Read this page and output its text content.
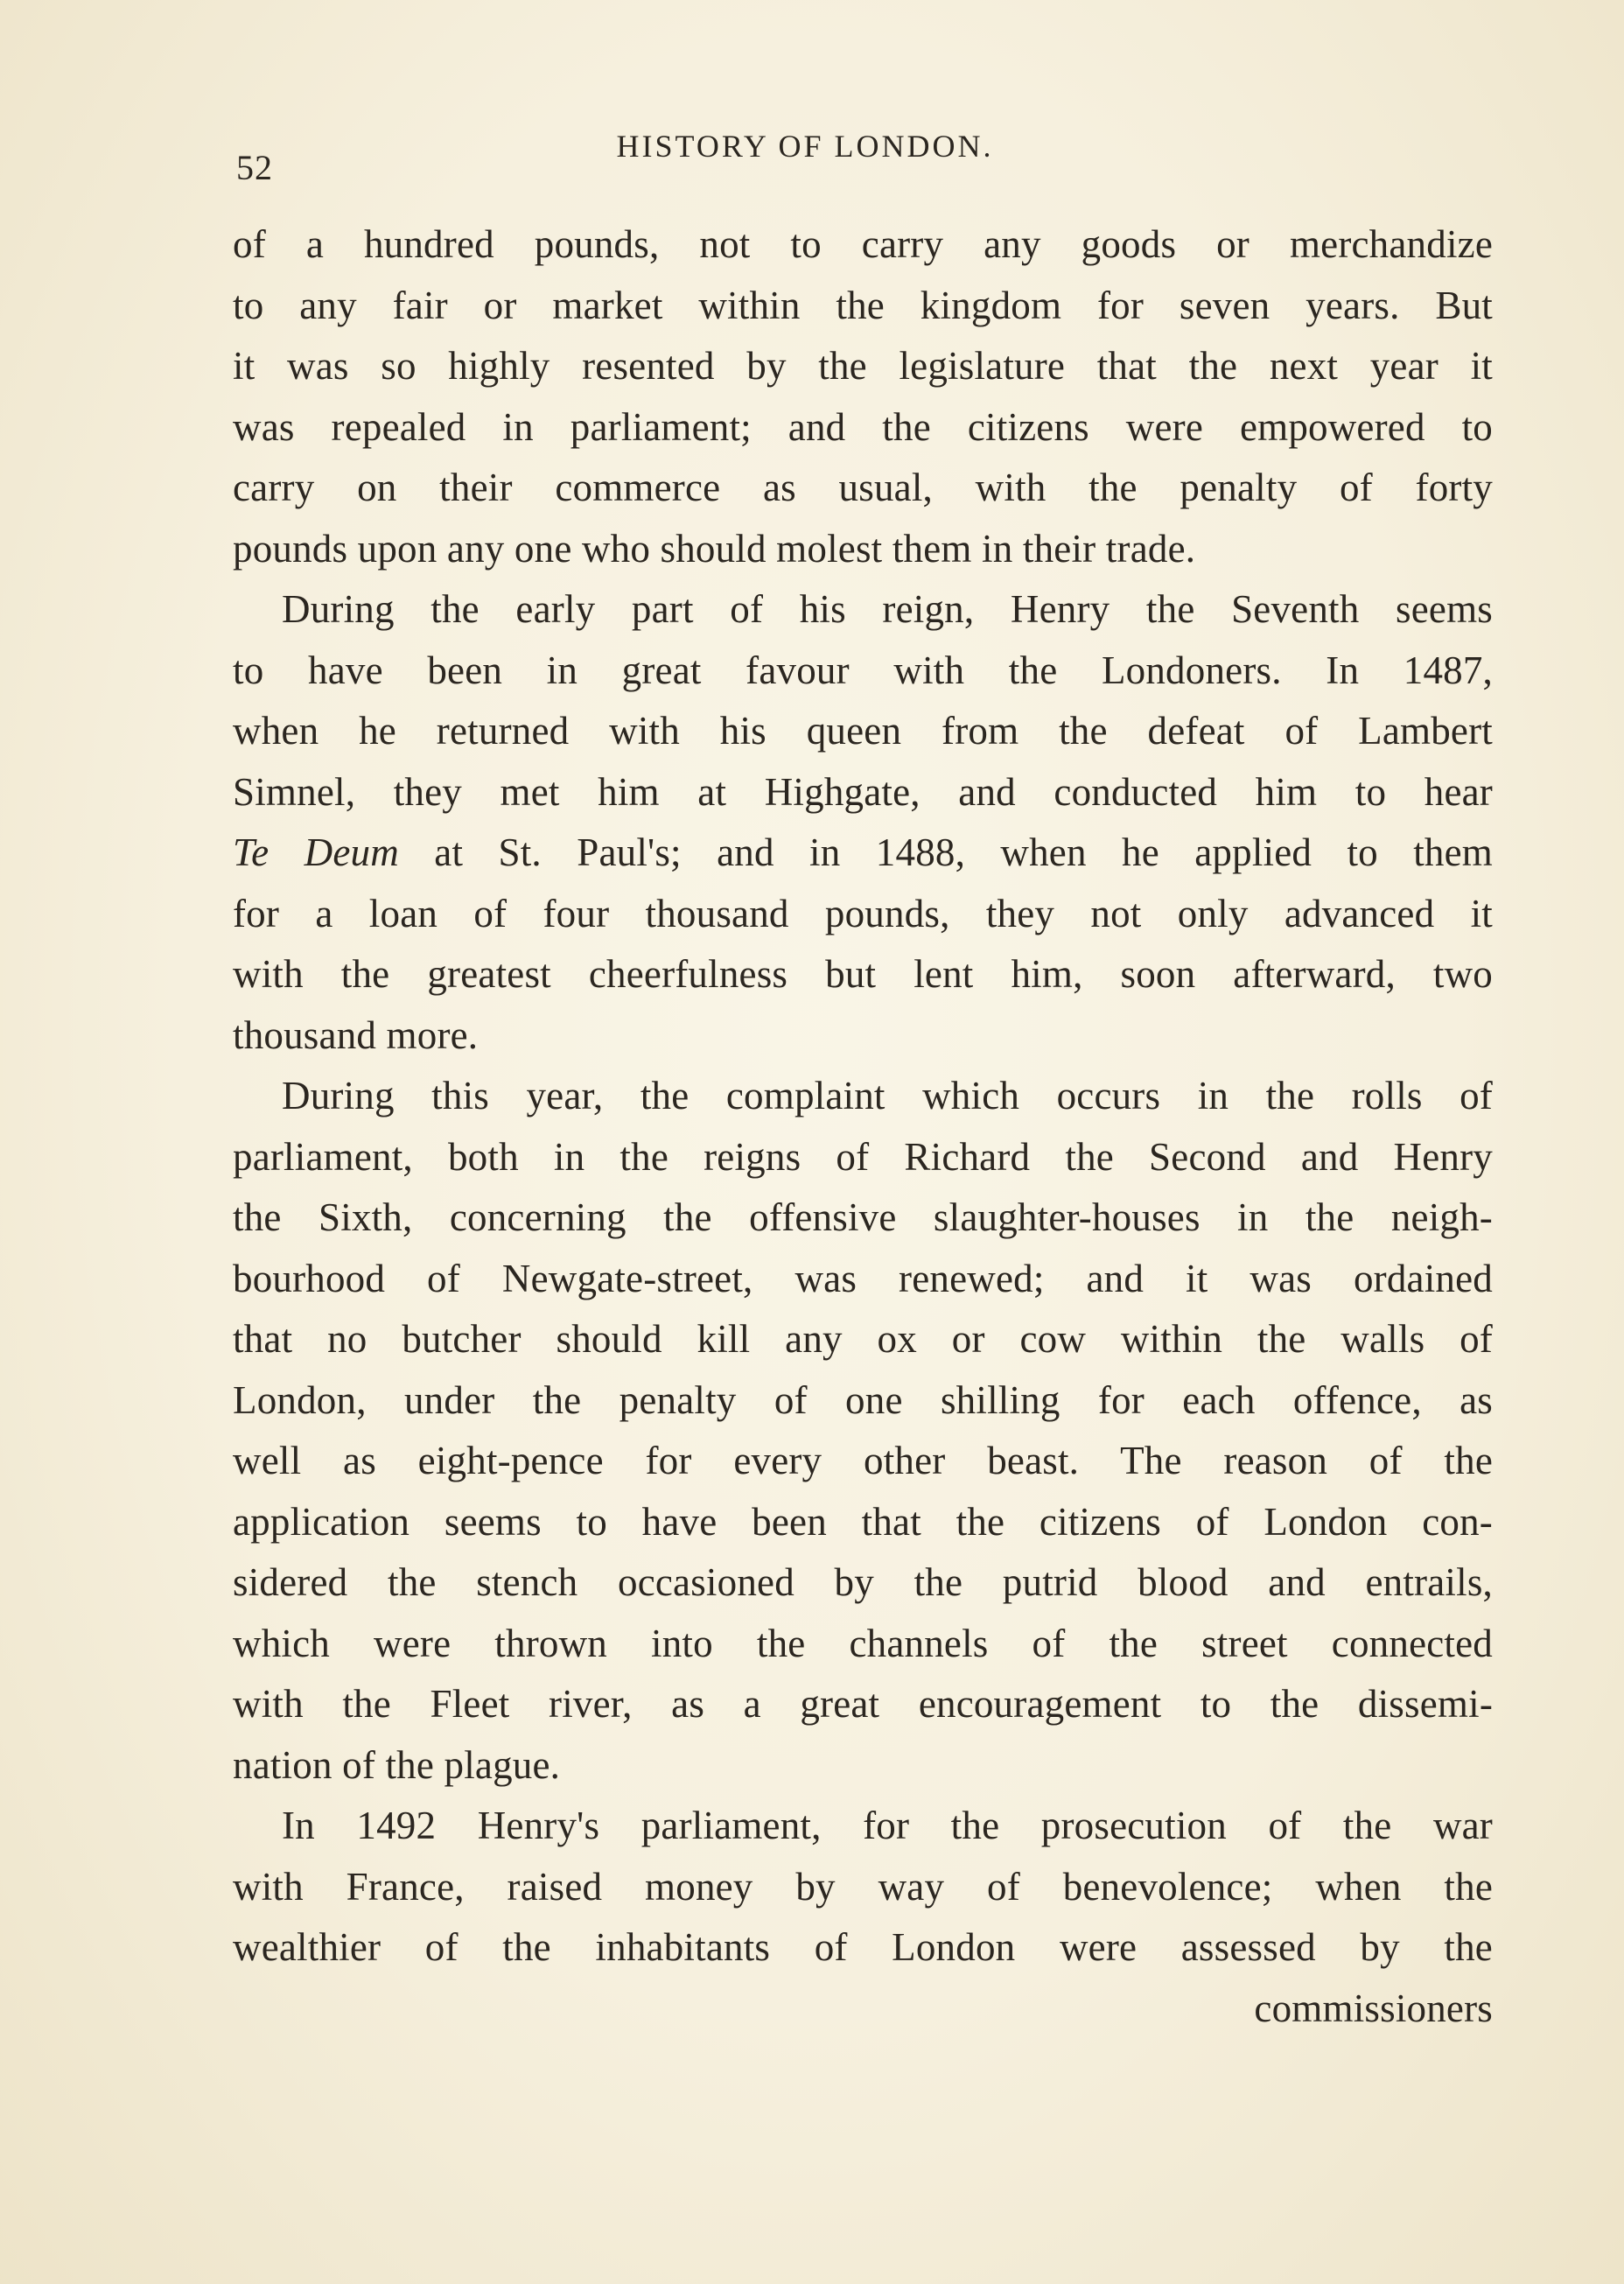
52
HISTORY OF LONDON.
of a hundred pounds, not to carry any goods or merchandize
to any fair or market within the kingdom for seven years. But
it was so highly resented by the legislature that the next year it
was repealed in parliament; and the citizens were empowered to
carry on their commerce as usual, with the penalty of forty
pounds upon any one who should molest them in their trade.
During the early part of his reign, Henry the Seventh seems
to have been in great favour with the Londoners. In 1487,
when he returned with his queen from the defeat of Lambert
Simnel, they met him at Highgate, and conducted him to hear
Te Deum at St. Paul's; and in 1488, when he applied to them
for a loan of four thousand pounds, they not only advanced it
with the greatest cheerfulness but lent him, soon afterward, two
thousand more.
During this year, the complaint which occurs in the rolls of
parliament, both in the reigns of Richard the Second and Henry
the Sixth, concerning the offensive slaughter-houses in the neigh-
bourhood of Newgate-street, was renewed; and it was ordained
that no butcher should kill any ox or cow within the walls of
London, under the penalty of one shilling for each offence, as
well as eight-pence for every other beast. The reason of the
application seems to have been that the citizens of London con-
sidered the stench occasioned by the putrid blood and entrails,
which were thrown into the channels of the street connected
with the Fleet river, as a great encouragement to the dissemi-
nation of the plague.
In 1492 Henry's parliament, for the prosecution of the war
with France, raised money by way of benevolence; when the
wealthier of the inhabitants of London were assessed by the
commissioners
